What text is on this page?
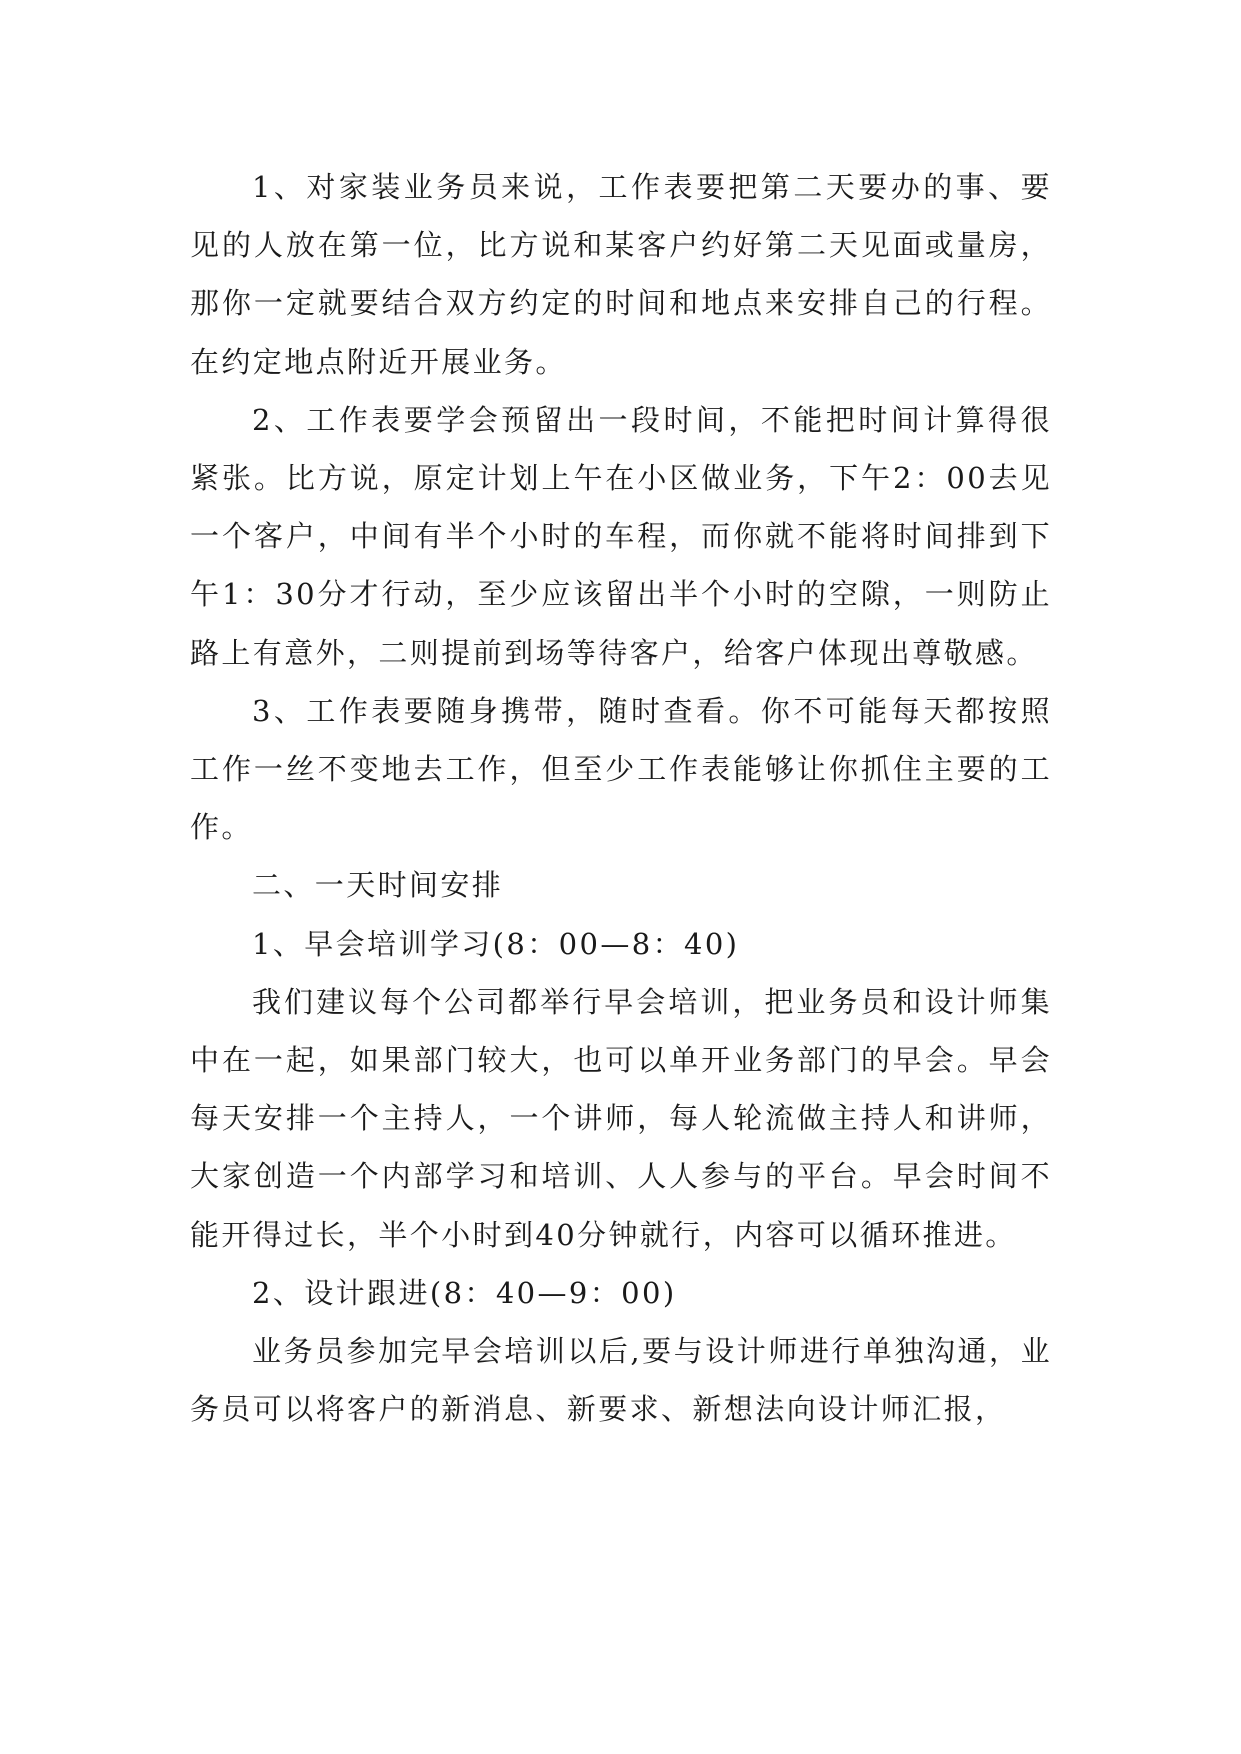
1、对家装业务员来说，工作表要把第二天要办的事、要见的人放在第一位，比方说和某客户约好第二天见面或量房，那你一定就要结合双方约定的时间和地点来安排自己的行程。在约定地点附近开展业务。

2、工作表要学会预留出一段时间，不能把时间计算得很紧张。比方说，原定计划上午在小区做业务，下午2：00去见一个客户，中间有半个小时的车程，而你就不能将时间排到下午1：30分才行动，至少应该留出半个小时的空隙，一则防止路上有意外，二则提前到场等待客户，给客户体现出尊敬感。

3、工作表要随身携带，随时查看。你不可能每天都按照工作一丝不变地去工作，但至少工作表能够让你抓住主要的工作。

二、一天时间安排

1、早会培训学习(8：00—8：40)

我们建议每个公司都举行早会培训，把业务员和设计师集中在一起，如果部门较大，也可以单开业务部门的早会。早会每天安排一个主持人，一个讲师，每人轮流做主持人和讲师，大家创造一个内部学习和培训、人人参与的平台。早会时间不能开得过长，半个小时到40分钟就行，内容可以循环推进。

2、设计跟进(8：40—9：00)

业务员参加完早会培训以后,要与设计师进行单独沟通，业务员可以将客户的新消息、新要求、新想法向设计师汇报，
